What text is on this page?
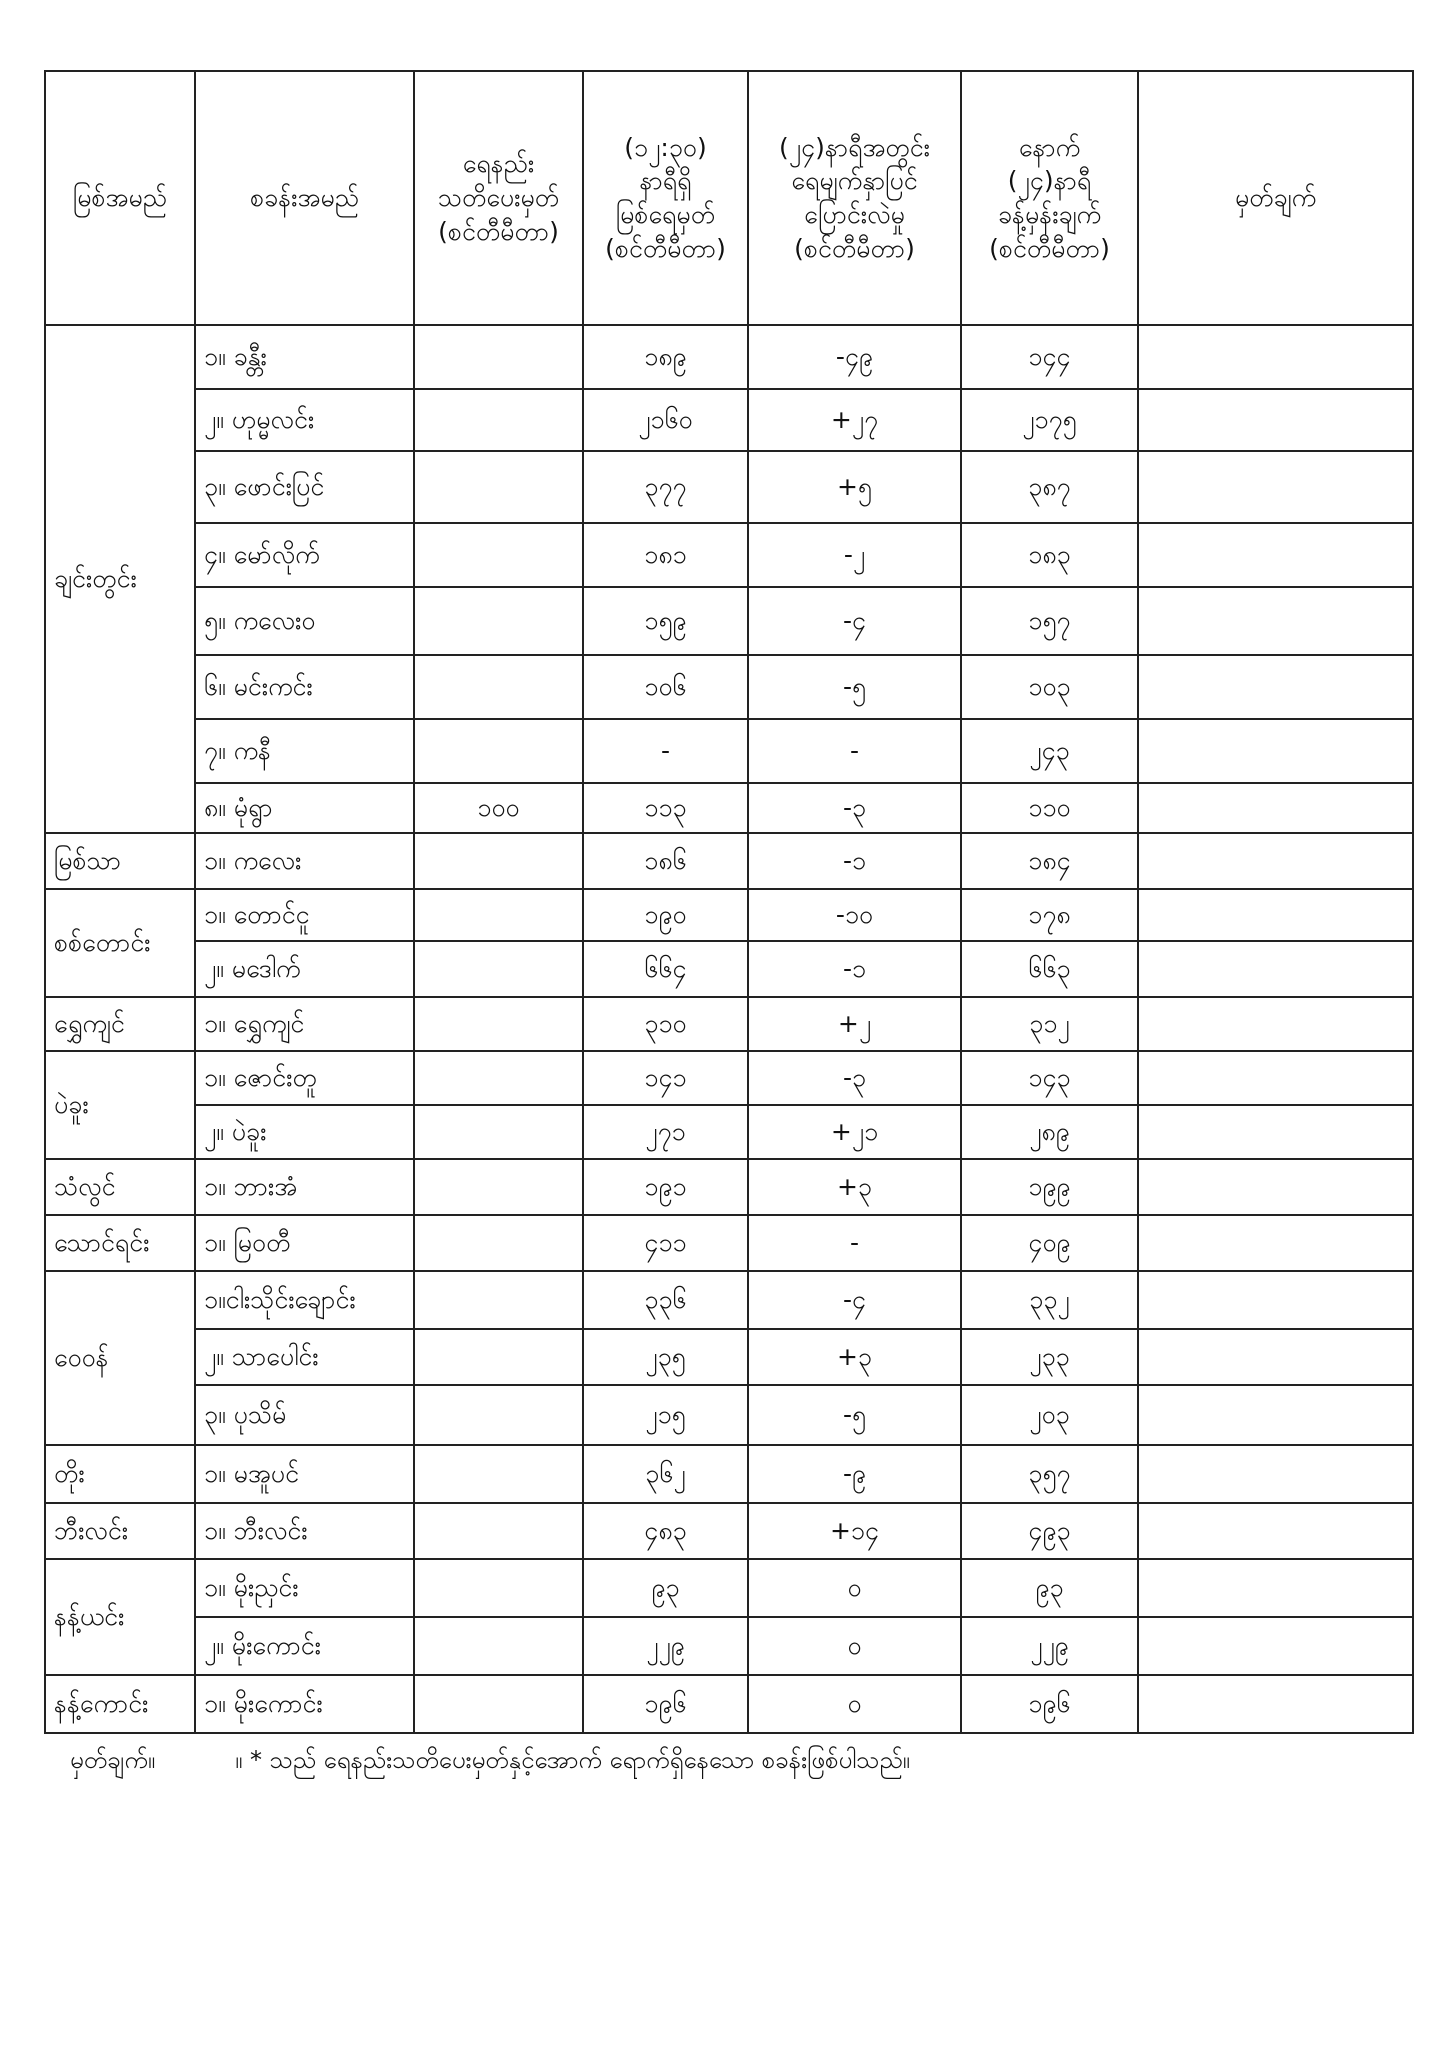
မြစ်အမည်	စခန်းအမည်	ရေနည်း
သတိပေးမှတ်
(စင်တီမီတာ)	(၁၂:၃၀)
နာရီရှိ
မြစ်ရေမှတ်
(စင်တီမီတာ)	(၂၄)နာရီအတွင်း
ရေမျက်နှာပြင်
ပြောင်းလဲမှု
(စင်တီမီတာ)	နောက်
(၂၄)နာရီ
ခန့်မှန်းချက်
(စင်တီမီတာ)	မှတ်ချက်

ချင်းတွင်း	၁။ ခန္တီး		၁၈၉	-၄၉	၁၄၄	
	၂။ ဟုမ္မလင်း		၂၁၆၀	+၂၇	၂၁၇၅	
	၃။ ဖောင်းပြင်		၃၇၇	+၅	၃၈၇	
	၄။ မော်လိုက်		၁၈၁	-၂	၁၈၃	
	၅။ ကလေးဝ		၁၅၉	-၄	၁၅၇	
	၆။ မင်းကင်း		၁၀၆	-၅	၁၀၃	
	၇။ ကနီ		-	-	၂၄၃	
	၈။ မုံရွာ	၁၀၀	၁၁၃	-၃	၁၁၀	
မြစ်သာ	၁။ ကလေး		၁၈၆	-၁	၁၈၄	
စစ်တောင်း	၁။ တောင်ငူ		၁၉၀	-၁၀	၁၇၈	
	၂။ မဒေါက်		၆၆၄	-၁	၆၆၃	
ရွှေကျင်	၁။ ရွှေကျင်		၃၁၀	+၂	၃၁၂	
ပဲခူး	၁။ ဇောင်းတူ		၁၄၁	-၃	၁၄၃	
	၂။ ပဲခူး		၂၇၁	+၂၁	၂၈၉	
သံလွင်	၁။ ဘားအံ		၁၉၁	+၃	၁၉၉	
သောင်ရင်း	၁။ မြဝတီ		၄၁၁	-	၄၀၉	
ဝေဝန်	၁။ငါးသိုင်းချောင်း		၃၃၆	-၄	၃၃၂	
	၂။ သာပေါင်း		၂၃၅	+၃	၂၃၃	
	၃။ ပုသိမ်		၂၁၅	-၅	၂၀၃	
တိုး	၁။ မအူပင်		၃၆၂	-၉	၃၅၇	
ဘီးလင်း	၁။ ဘီးလင်း		၄၈၃	+၁၄	၄၉၃	
နန့်ယင်း	၁။ မိုးညှင်း		၉၃	၀	၉၃	
	၂။ မိုးကောင်း		၂၂၉	၀	၂၂၉	
နန့်ကောင်း	၁။ မိုးကောင်း		၁၉၆	၀	၁၉၆	
မှတ်ချက်။	။ * သည် ရေနည်းသတိပေးမှတ်နှင့်အောက် ရောက်ရှိနေသော စခန်းဖြစ်ပါသည်။
